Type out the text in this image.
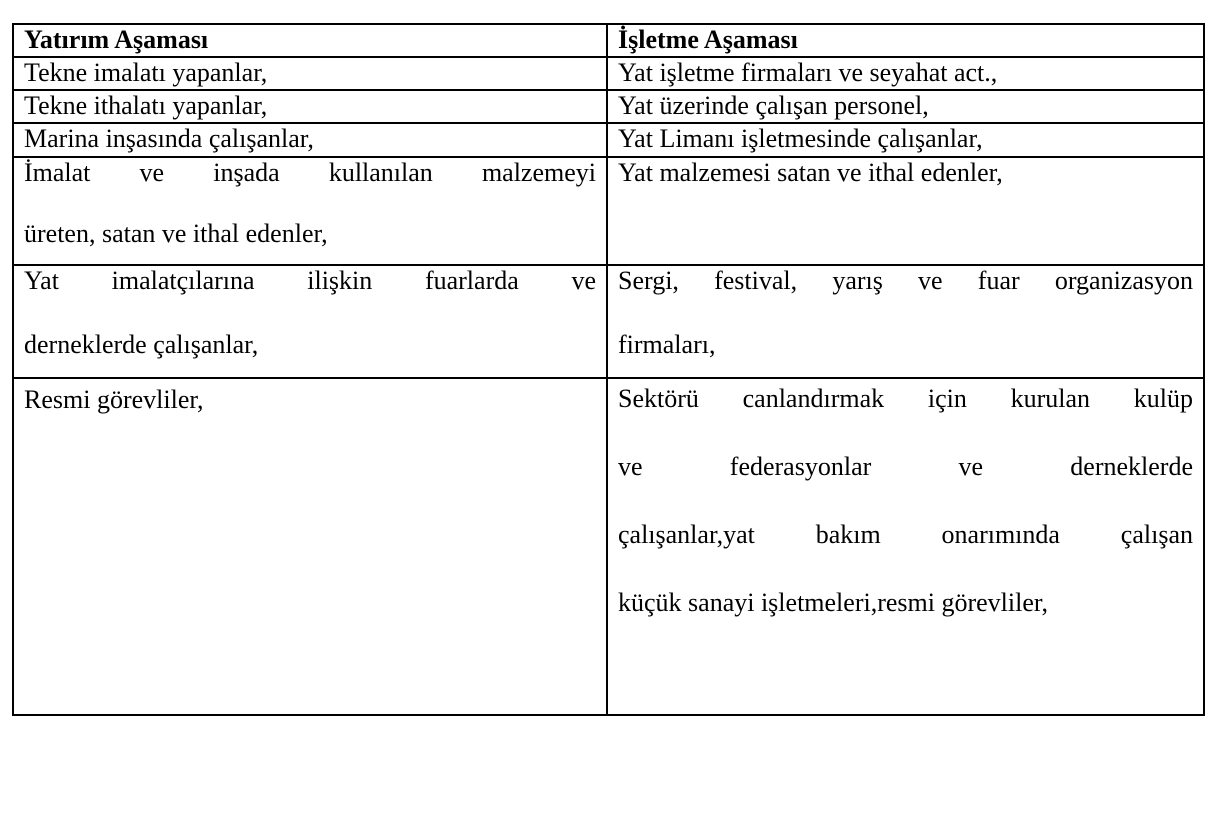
Yatırım Aşaması	İşletme Aşaması
Tekne imalatı yapanlar,	Yat işletme firmaları ve seyahat act.,
Tekne ithalatı yapanlar,	Yat üzerinde çalışan personel,
Marina inşasında çalışanlar,	Yat Limanı işletmesinde çalışanlar,

İmalat ve inşada kullanılan malzemeyi
üreten, satan ve ithal edenler,	Yat malzemesi satan ve ithal edenler,

Yat imalatçılarına ilişkin fuarlarda ve
derneklerde çalışanlar,	Sergi, festival, yarış ve fuar organizasyon
firmaları,

Resmi görevliler,	Sektörü canlandırmak için kurulan kulüp
ve federasyonlar ve derneklerde
çalışanlar,yat bakım onarımında çalışan
küçük sanayi işletmeleri,resmi görevliler,
